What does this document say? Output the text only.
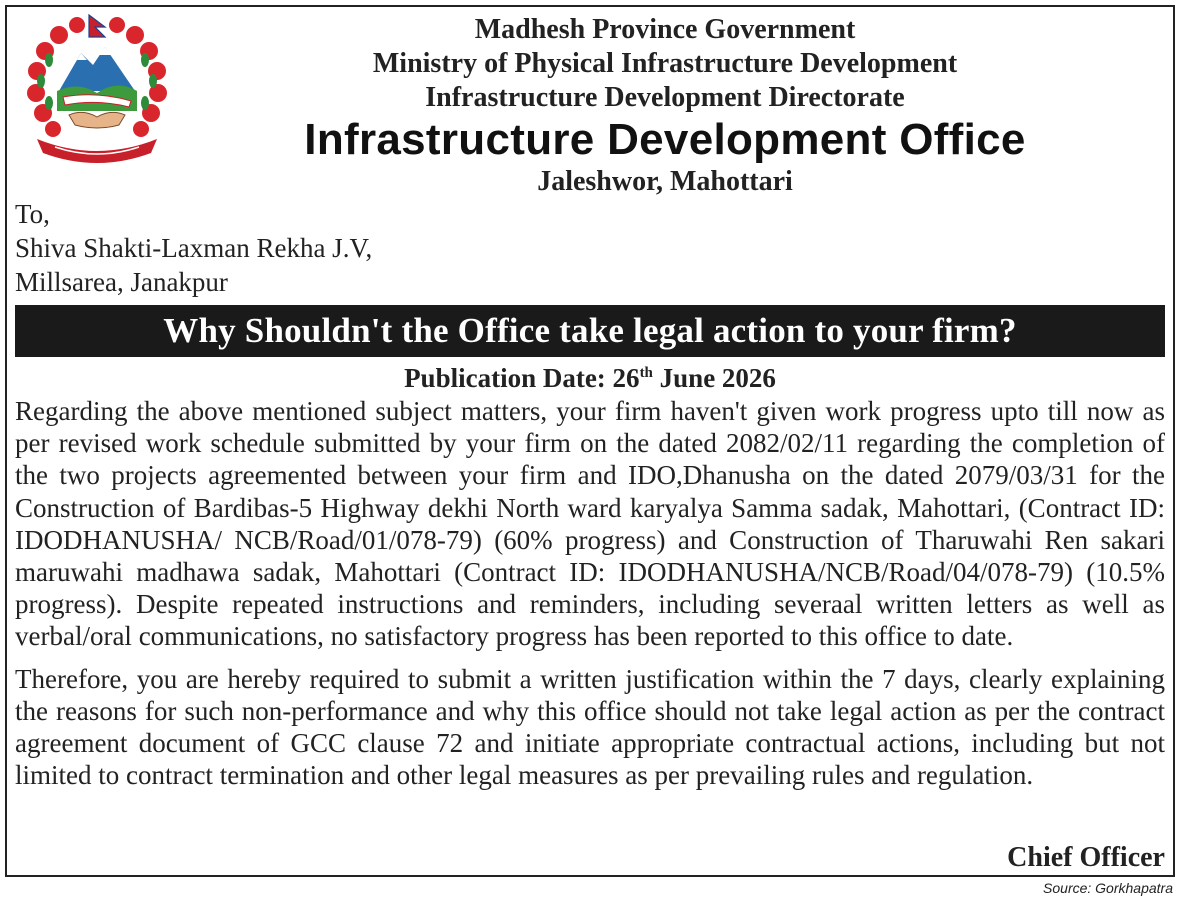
Madhesh Province Government
Ministry of Physical Infrastructure Development
Infrastructure Development Directorate
Infrastructure Development Office
Jaleshwor, Mahottari
To,
Shiva Shakti-Laxman Rekha J.V,
Millsarea, Janakpur
Why Shouldn't the Office take legal action to your firm?
Publication Date: 26th June 2026

Regarding the above mentioned subject matters, your firm haven't given work progress upto till now as per revised work schedule submitted by your firm on the dated 2082/02/11 regarding the completion of the two projects agreemented between your firm and IDO,Dhanusha on the dated 2079/03/31 for the Construction of Bardibas-5 Highway dekhi North ward karyalya Samma sadak, Mahottari, (Contract ID: IDODHANUSHA/ NCB/Road/01/078-79) (60% progress) and Construction of Tharuwahi Ren sakari maruwahi madhawa sadak, Mahottari (Contract ID: IDODHANUSHA/NCB/Road/04/078-79) (10.5% progress). Despite repeated instructions and reminders, including severaal written letters as well as verbal/oral communications, no satisfactory progress has been reported to this office to date.

Therefore, you are hereby required to submit a written justification within the 7 days, clearly explaining the reasons for such non-performance and why this office should not take legal action as per the contract agreement document of GCC clause 72 and initiate appropriate contractual actions, including but not limited to contract termination and other legal measures as per prevailing rules and regulation.

Chief Officer
Source: Gorkhapatra
